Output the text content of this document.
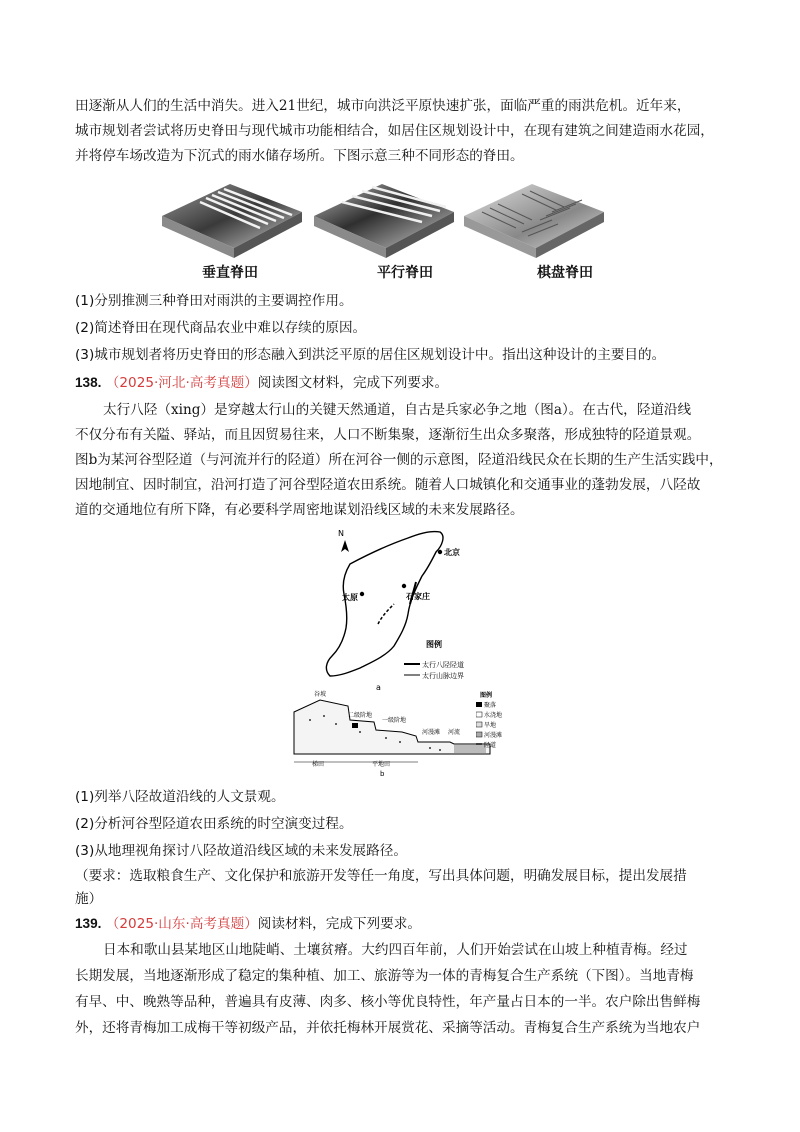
田逐渐从人们的生活中消失。进入21世纪，城市向洪泛平原快速扩张，面临严重的雨洪危机。近年来，
城市规划者尝试将历史脊田与现代城市功能相结合，如居住区规划设计中，在现有建筑之间建造雨水花园，
并将停车场改造为下沉式的雨水储存场所。下图示意三种不同形态的脊田。
垂直脊田	平行脊田	棋盘脊田
(1)分别推测三种脊田对雨洪的主要调控作用。
(2)简述脊田在现代商品农业中难以存续的原因。
(3)城市规划者将历史脊田的形态融入到洪泛平原的居住区规划设计中。指出这种设计的主要目的。
138. （2025·河北·高考真题）阅读图文材料，完成下列要求。
太行八陉（xing）是穿越太行山的关键天然通道，自古是兵家必争之地（图a）。在古代，陉道沿线
不仅分布有关隘、驿站，而且因贸易往来，人口不断集聚，逐渐衍生出众多聚落，形成独特的陉道景观。
图b为某河谷型陉道（与河流并行的陉道）所在河谷一侧的示意图，陉道沿线民众在长期的生产生活实践中，
因地制宜、因时制宜，沿河打造了河谷型陉道农田系统。随着人口城镇化和交通事业的蓬勃发展，八陉故
道的交通地位有所下降，有必要科学周密地谋划沿线区域的未来发展路径。
N
北京
太原	石家庄
图例
太行八陉陉道
太行山脉边界
a
谷坡
二级阶地
一级阶地
河漫滩 河流
梯田	平地田
b
图例
聚落
水浇地
旱地
河漫滩
陉道
(1)列举八陉故道沿线的人文景观。
(2)分析河谷型陉道农田系统的时空演变过程。
(3)从地理视角探讨八陉故道沿线区域的未来发展路径。
（要求：选取粮食生产、文化保护和旅游开发等任一角度，写出具体问题，明确发展目标，提出发展措
施）
139. （2025·山东·高考真题）阅读材料，完成下列要求。
日本和歌山县某地区山地陡峭、土壤贫瘠。大约四百年前，人们开始尝试在山坡上种植青梅。经过
长期发展，当地逐渐形成了稳定的集种植、加工、旅游等为一体的青梅复合生产系统（下图）。当地青梅
有早、中、晚熟等品种，普遍具有皮薄、肉多、核小等优良特性，年产量占日本的一半。农户除出售鲜梅
外，还将青梅加工成梅干等初级产品，并依托梅林开展赏花、采摘等活动。青梅复合生产系统为当地农户
